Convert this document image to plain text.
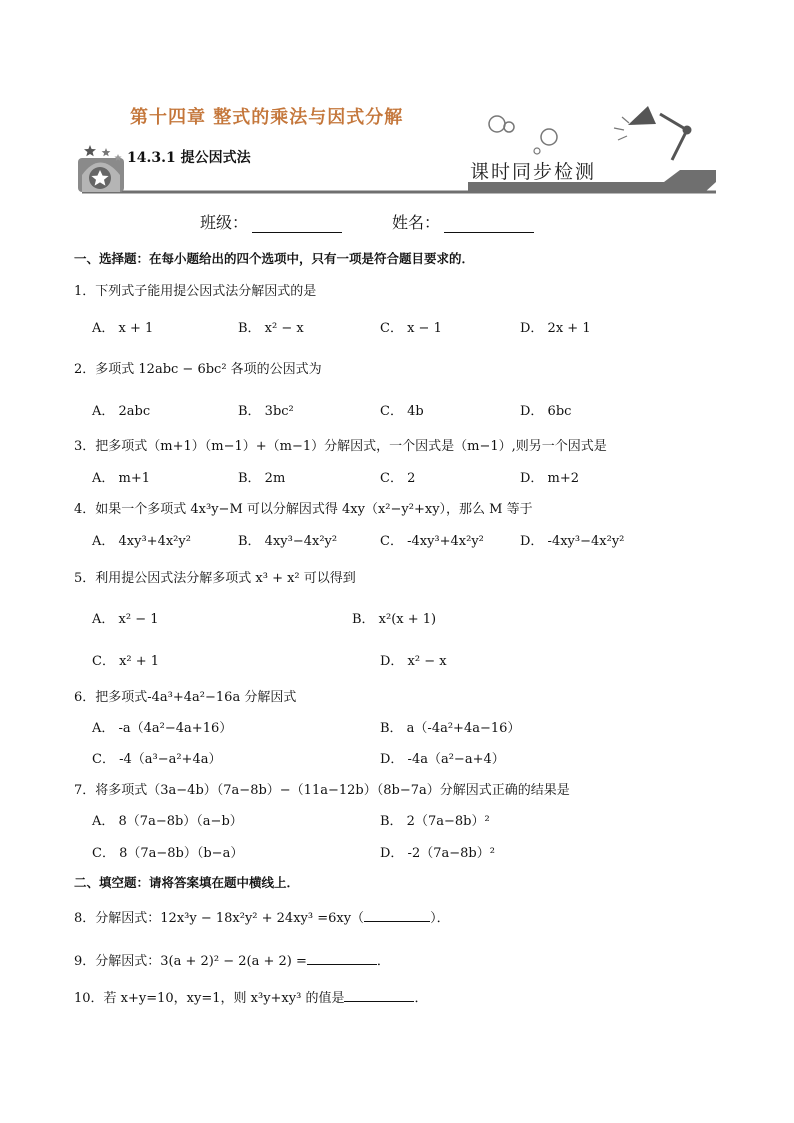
第十四章 整式的乘法与因式分解
14.3.1 提公因式法
课时同步检测
班级：	姓名：
一、选择题：在每小题给出的四个选项中，只有一项是符合题目要求的．
1．下列式子能用提公因式法分解因式的是
A． x + 1	B． x² − x	C． x − 1	D． 2x + 1
2．多项式 12abc − 6bc² 各项的公因式为
A． 2abc	B． 3bc²	C． 4b	D． 6bc
3．把多项式（m+1）（m−1）+（m−1）分解因式，一个因式是（m−1）,则另一个因式是
A． m+1	B． 2m	C． 2	D． m+2
4．如果一个多项式 4x³y−M 可以分解因式得 4xy（x²−y²+xy），那么 M 等于
A． 4xy³+4x²y²	B． 4xy³−4x²y²	C． -4xy³+4x²y²	D． -4xy³−4x²y²
5．利用提公因式法分解多项式 x³ + x² 可以得到
A． x² − 1	B． x²(x + 1)
C． x² + 1	D． x² − x
6．把多项式-4a³+4a²−16a 分解因式
A． -a（4a²−4a+16）	B． a（-4a²+4a−16）
C． -4（a³−a²+4a）	D． -4a（a²−a+4）
7．将多项式（3a−4b）（7a−8b）−（11a−12b）（8b−7a）分解因式正确的结果是
A． 8（7a−8b）（a−b）	B． 2（7a−8b）²
C． 8（7a−8b）（b−a）	D． -2（7a−8b）²
二、填空题：请将答案填在题中横线上．
8．分解因式：12x³y − 18x²y² + 24xy³ =6xy（	）．
9．分解因式：3(a + 2)² − 2(a + 2) =	．
10．若 x+y=10，xy=1，则 x³y+xy³ 的值是	．
